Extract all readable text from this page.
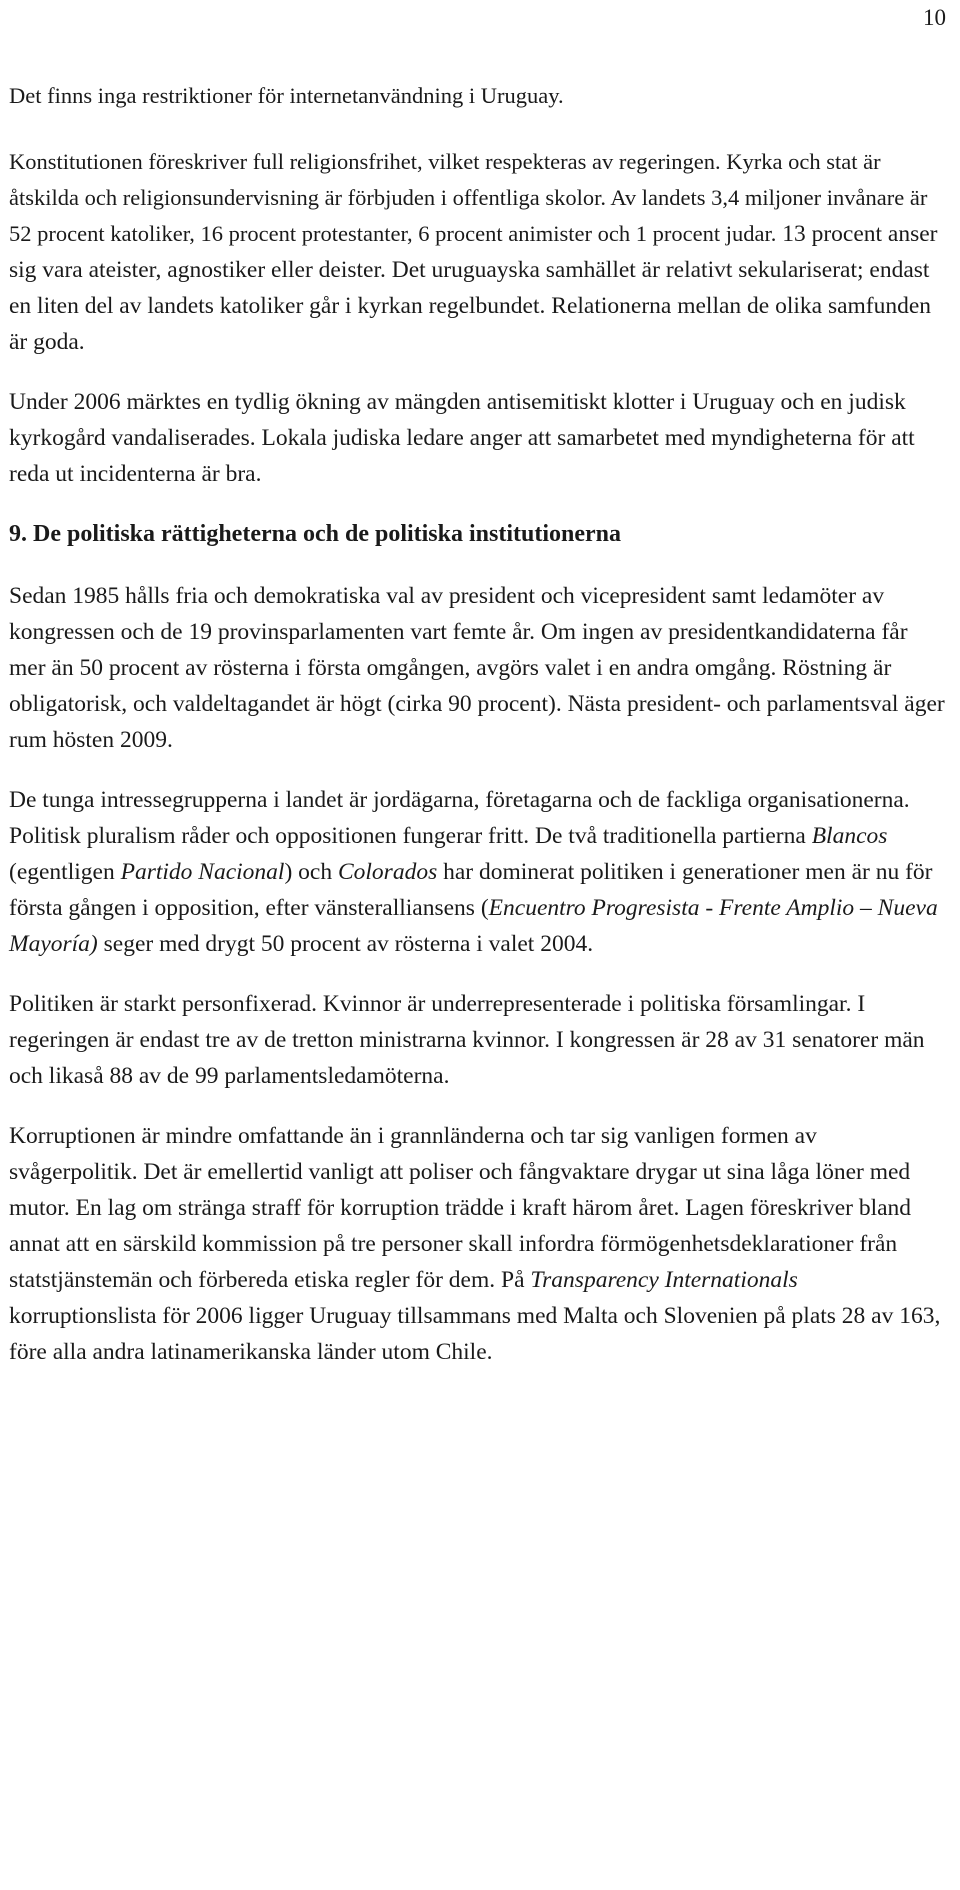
10

Det finns inga restriktioner för internetanvändning i Uruguay.

Konstitutionen föreskriver full religionsfrihet, vilket respekteras av regeringen. Kyrka och stat är åtskilda och religionsundervisning är förbjuden i offentliga skolor. Av landets 3,4 miljoner invånare är 52 procent katoliker, 16 procent protestanter, 6 procent animister och 1 procent judar. 13 procent anser sig vara ateister, agnostiker eller deister. Det uruguayska samhället är relativt sekulariserat; endast en liten del av landets katoliker går i kyrkan regelbundet. Relationerna mellan de olika samfunden är goda.

Under 2006 märktes en tydlig ökning av mängden antisemitiskt klotter i Uruguay och en judisk kyrkogård vandaliserades. Lokala judiska ledare anger att samarbetet med myndigheterna för att reda ut incidenterna är bra.

9. De politiska rättigheterna och de politiska institutionerna

Sedan 1985 hålls fria och demokratiska val av president och vicepresident samt ledamöter av kongressen och de 19 provinsparlamenten vart femte år. Om ingen av presidentkandidaterna får mer än 50 procent av rösterna i första omgången, avgörs valet i en andra omgång. Röstning är obligatorisk, och valdeltagandet är högt (cirka 90 procent). Nästa president- och parlamentsval äger rum hösten 2009.

De tunga intressegrupperna i landet är jordägarna, företagarna och de fackliga organisationerna. Politisk pluralism råder och oppositionen fungerar fritt. De två traditionella partierna Blancos (egentligen Partido Nacional) och Colorados har dominerat politiken i generationer men är nu för första gången i opposition, efter vänsteralliansens (Encuentro Progresista - Frente Amplio – Nueva Mayoría) seger med drygt 50 procent av rösterna i valet 2004.

Politiken är starkt personfixerad. Kvinnor är underrepresenterade i politiska församlingar. I regeringen är endast tre av de tretton ministrarna kvinnor. I kongressen är 28 av 31 senatorer män och likaså 88 av de 99 parlamentsledamöterna.

Korruptionen är mindre omfattande än i grannländerna och tar sig vanligen formen av svågerpolitik. Det är emellertid vanligt att poliser och fångvaktare drygar ut sina låga löner med mutor. En lag om stränga straff för korruption trädde i kraft härom året. Lagen föreskriver bland annat att en särskild kommission på tre personer skall infordra förmögenhetsdeklarationer från statstjänstemän och förbereda etiska regler för dem. På Transparency Internationals korruptionslista för 2006 ligger Uruguay tillsammans med Malta och Slovenien på plats 28 av 163, före alla andra latinamerikanska länder utom Chile.
